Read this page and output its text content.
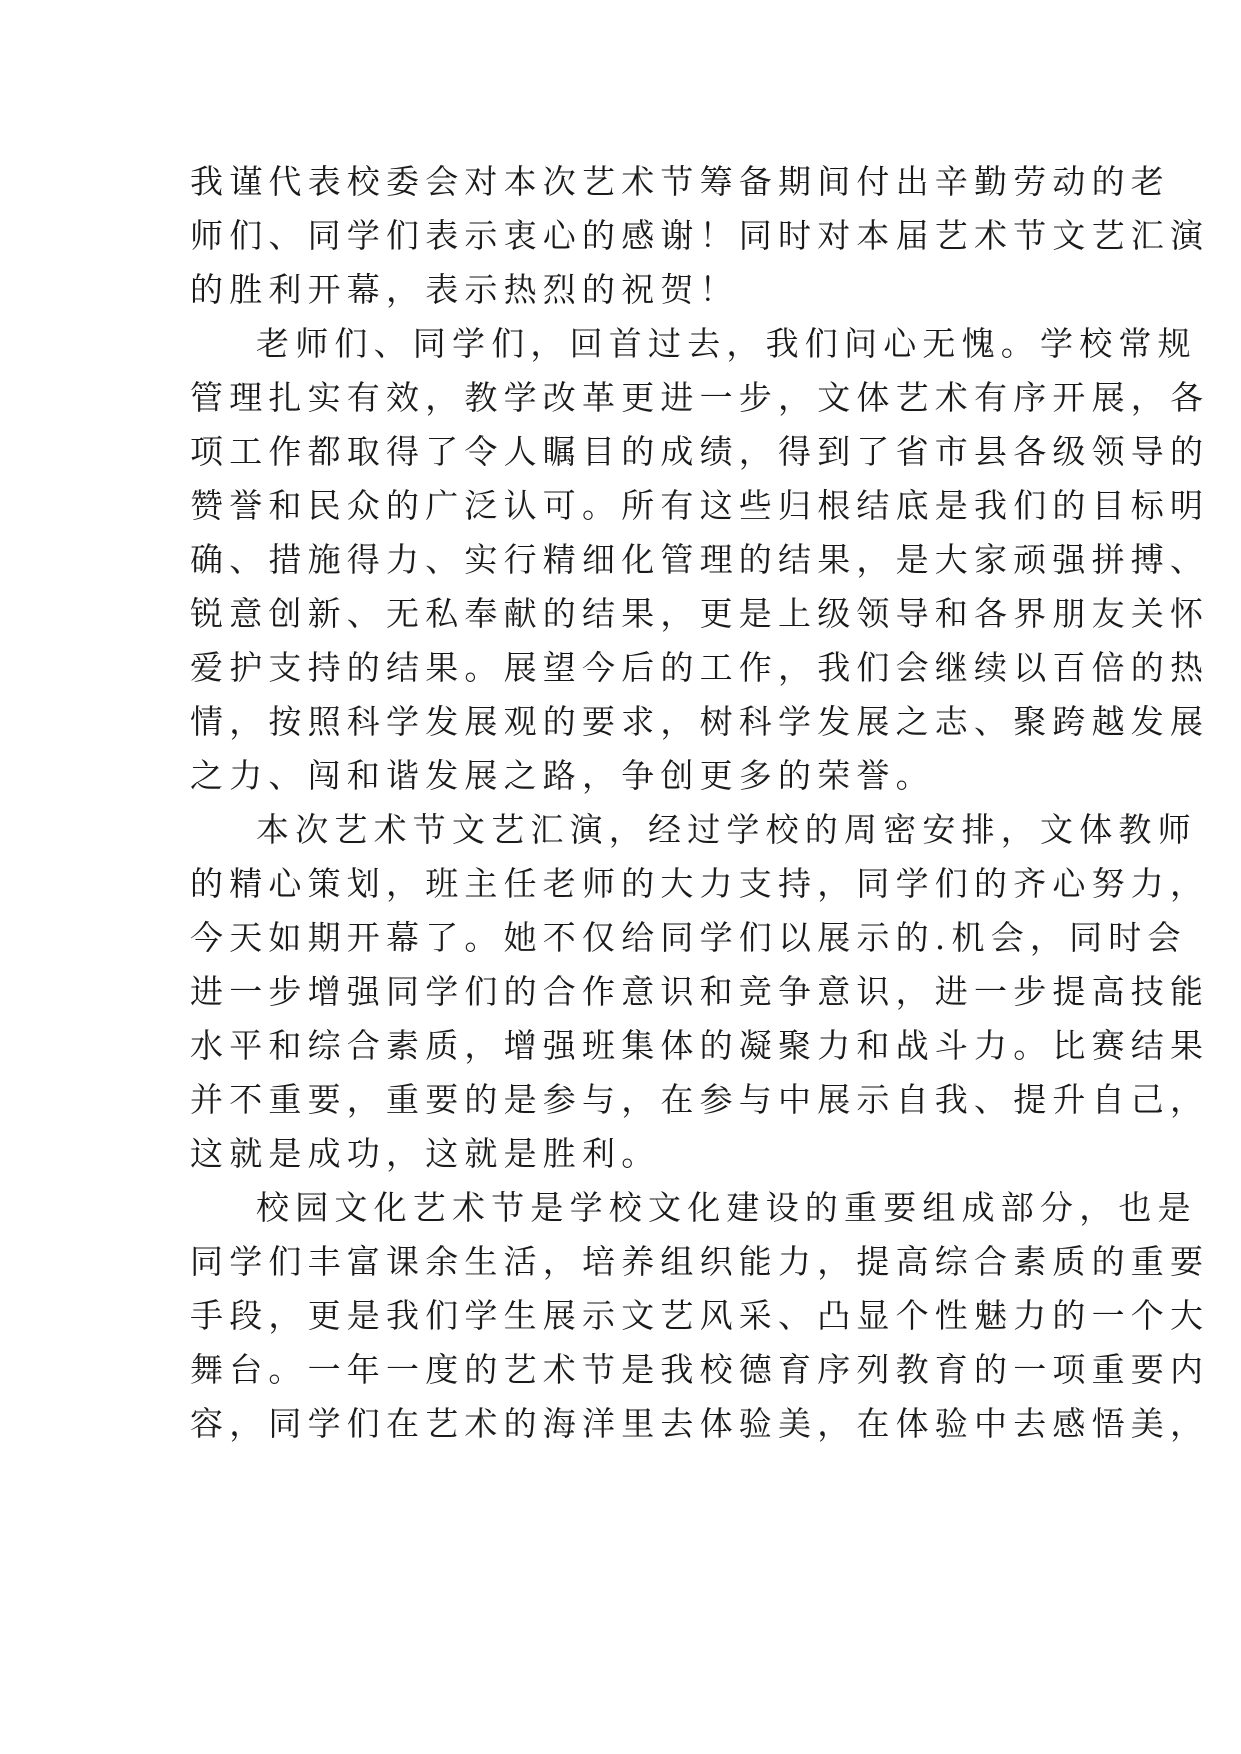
我谨代表校委会对本次艺术节筹备期间付出辛勤劳动的老
师们、同学们表示衷心的感谢！同时对本届艺术节文艺汇演
的胜利开幕，表示热烈的祝贺！
老师们、同学们，回首过去，我们问心无愧。学校常规
管理扎实有效，教学改革更进一步，文体艺术有序开展，各
项工作都取得了令人瞩目的成绩，得到了省市县各级领导的
赞誉和民众的广泛认可。所有这些归根结底是我们的目标明
确、措施得力、实行精细化管理的结果，是大家顽强拼搏、
锐意创新、无私奉献的结果，更是上级领导和各界朋友关怀
爱护支持的结果。展望今后的工作，我们会继续以百倍的热
情，按照科学发展观的要求，树科学发展之志、聚跨越发展
之力、闯和谐发展之路，争创更多的荣誉。
本次艺术节文艺汇演，经过学校的周密安排，文体教师
的精心策划，班主任老师的大力支持，同学们的齐心努力，
今天如期开幕了。她不仅给同学们以展示的.机会，同时会
进一步增强同学们的合作意识和竞争意识，进一步提高技能
水平和综合素质，增强班集体的凝聚力和战斗力。比赛结果
并不重要，重要的是参与，在参与中展示自我、提升自己，
这就是成功，这就是胜利。
校园文化艺术节是学校文化建设的重要组成部分，也是
同学们丰富课余生活，培养组织能力，提高综合素质的重要
手段，更是我们学生展示文艺风采、凸显个性魅力的一个大
舞台。一年一度的艺术节是我校德育序列教育的一项重要内
容，同学们在艺术的海洋里去体验美，在体验中去感悟美，
